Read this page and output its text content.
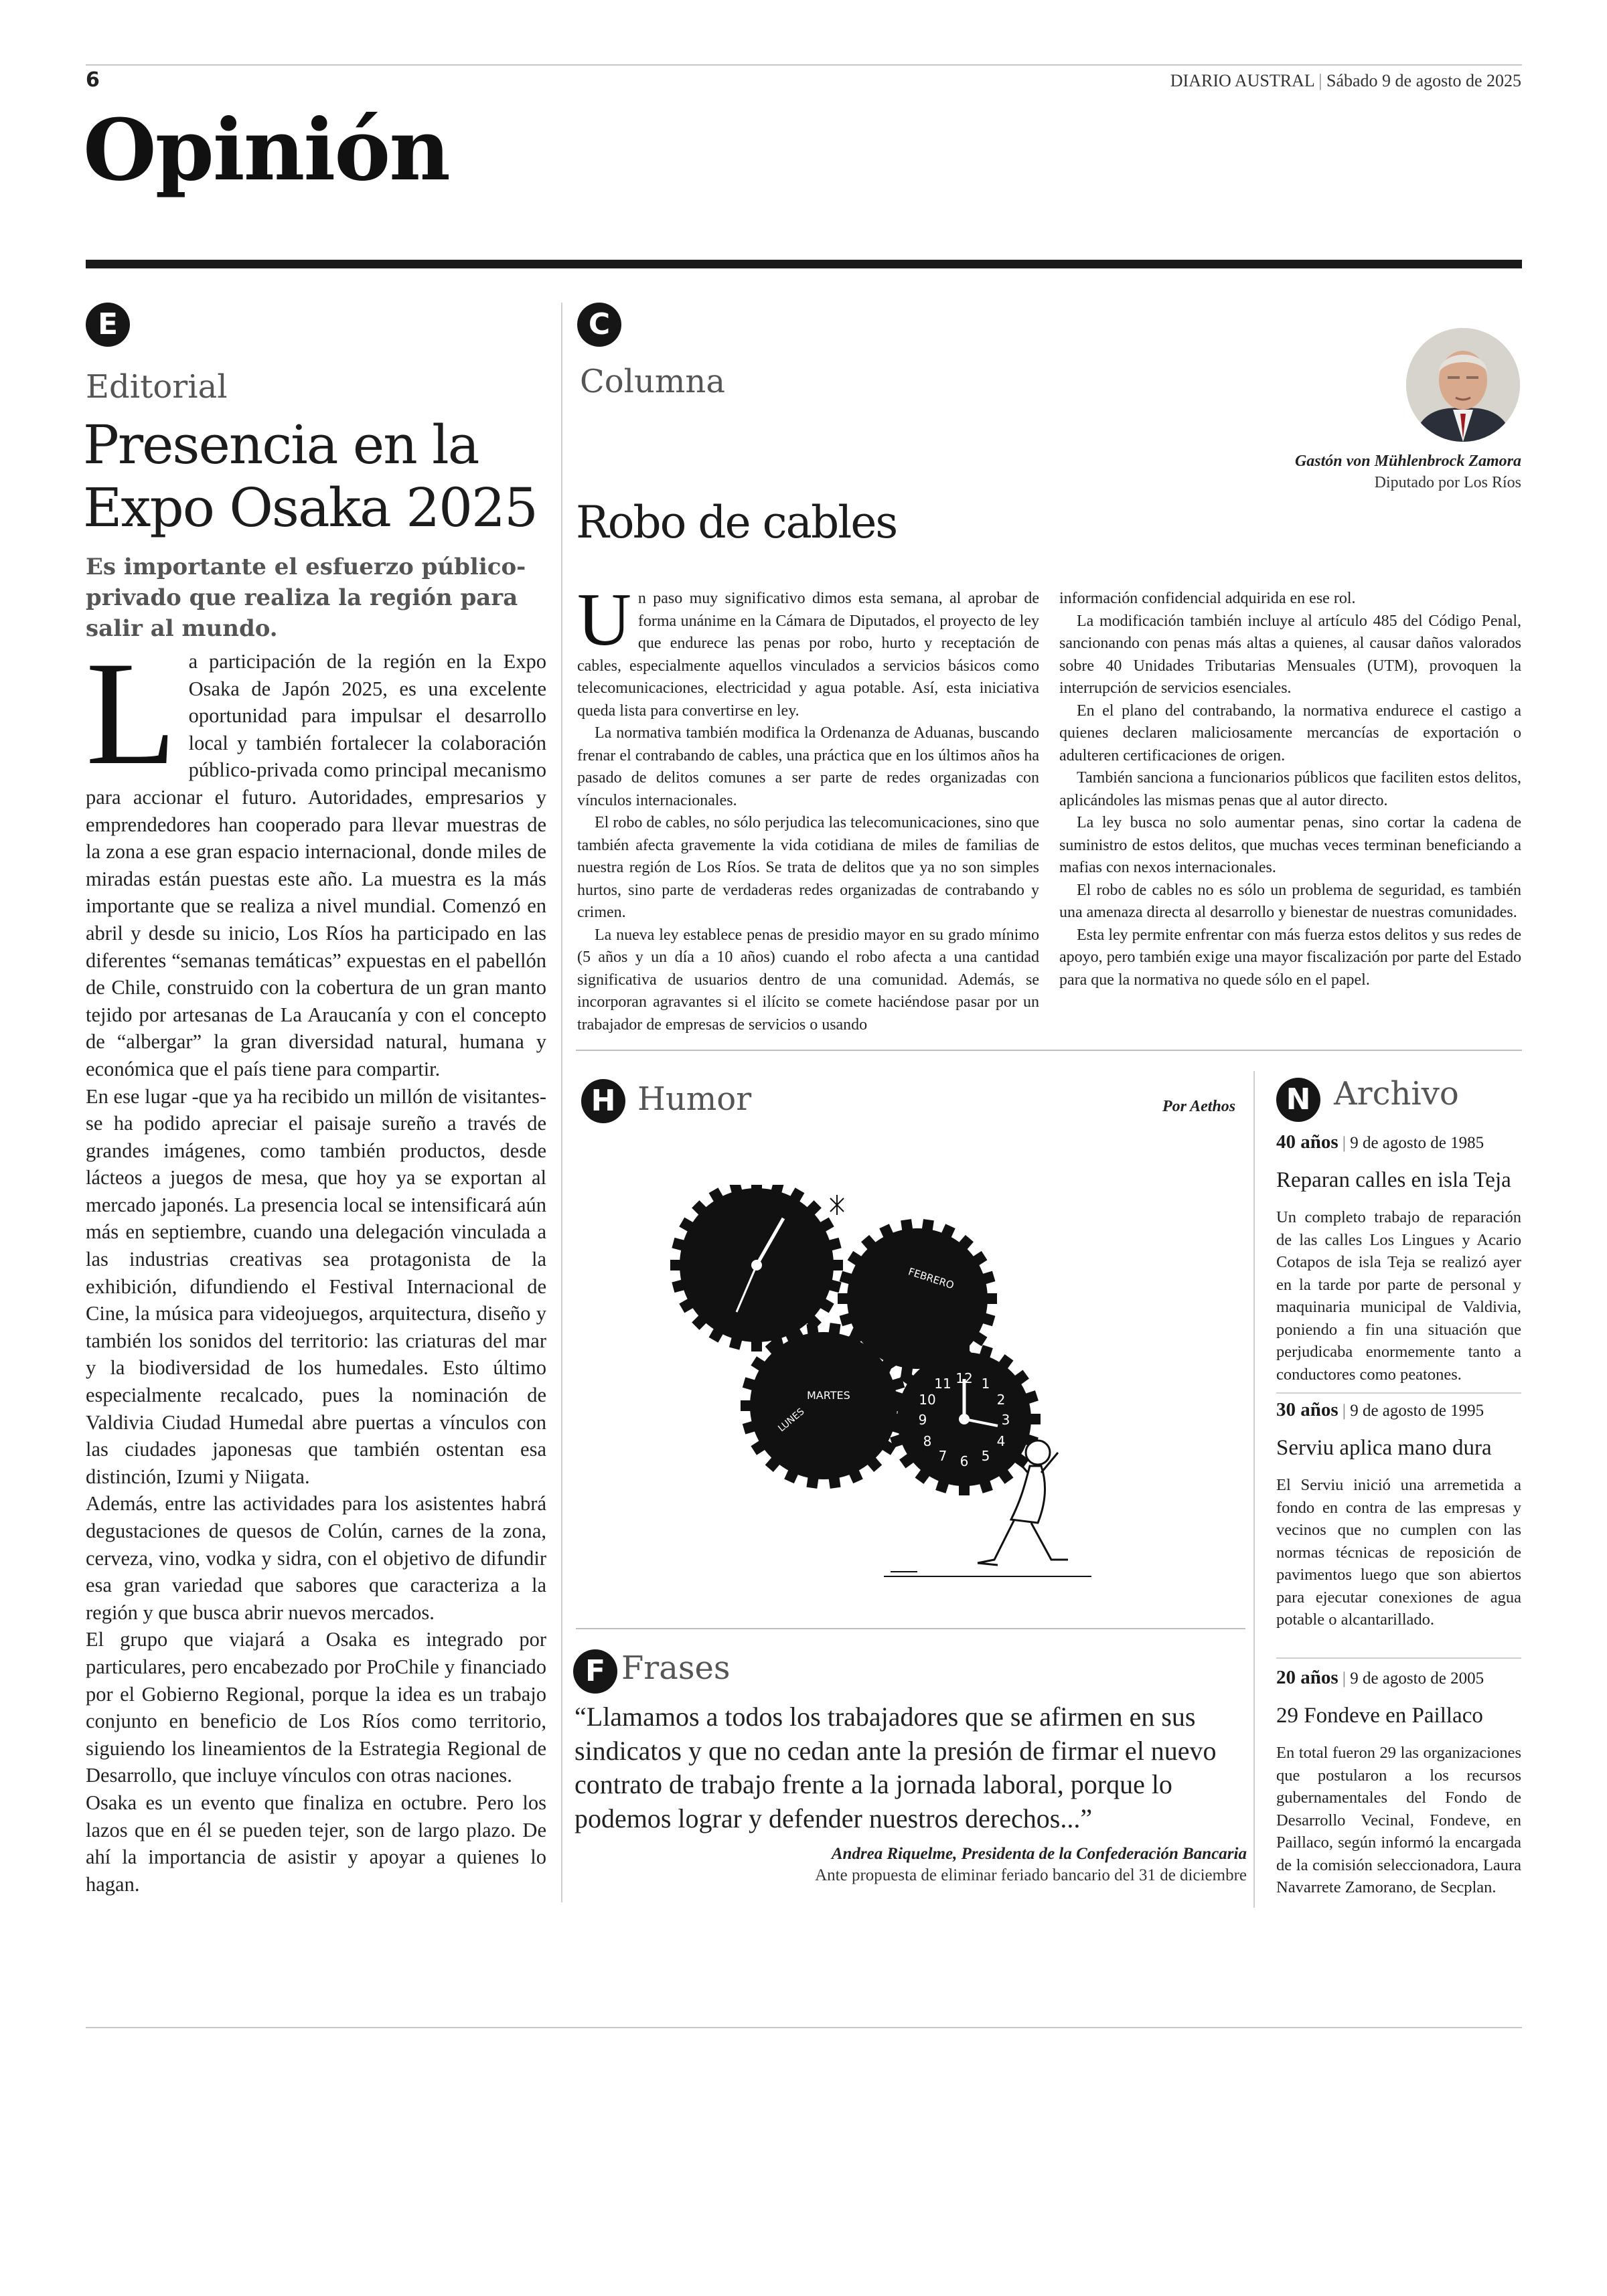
6	DIARIO AUSTRAL | Sábado 9 de agosto de 2025
Opinión
E
Editorial
Presencia en la
Expo Osaka 2025
Es importante el esfuerzo público-privado que realiza la región para salir al mundo.

La participación de la región en la Expo Osaka de Japón 2025, es una excelente oportunidad para impulsar el desarrollo local y también fortalecer la colaboración público-privada como principal mecanismo para accionar el futuro. Autoridades, empresarios y emprendedores han cooperado para llevar muestras de la zona a ese gran espacio internacional, donde miles de miradas están puestas este año. La muestra es la más importante que se realiza a nivel mundial. Comenzó en abril y desde su inicio, Los Ríos ha participado en las diferentes “semanas temáticas” expuestas en el pabellón de Chile, construido con la cobertura de un gran manto tejido por artesanas de La Araucanía y con el concepto de “albergar” la gran diversidad natural, humana y económica que el país tiene para compartir.

En ese lugar -que ya ha recibido un millón de visitantes- se ha podido apreciar el paisaje sureño a través de grandes imágenes, como también productos, desde lácteos a juegos de mesa, que hoy ya se exportan al mercado japonés. La presencia local se intensificará aún más en septiembre, cuando una delegación vinculada a las industrias creativas sea protagonista de la exhibición, difundiendo el Festival Internacional de Cine, la música para videojuegos, arquitectura, diseño y también los sonidos del territorio: las criaturas del mar y la biodiversidad de los humedales. Esto último especialmente recalcado, pues la nominación de Valdivia Ciudad Humedal abre puertas a vínculos con las ciudades japonesas que también ostentan esa distinción, Izumi y Niigata.

Además, entre las actividades para los asistentes habrá degustaciones de quesos de Colún, carnes de la zona, cerveza, vino, vodka y sidra, con el objetivo de difundir esa gran variedad que sabores que caracteriza a la región y que busca abrir nuevos mercados.

El grupo que viajará a Osaka es integrado por particulares, pero encabezado por ProChile y financiado por el Gobierno Regional, porque la idea es un trabajo conjunto en beneficio de Los Ríos como territorio, siguiendo los lineamientos de la Estrategia Regional de Desarrollo, que incluye vínculos con otras naciones.

Osaka es un evento que finaliza en octubre. Pero los lazos que en él se pueden tejer, son de largo plazo. De ahí la importancia de asistir y apoyar a quienes lo hagan.

C
Columna
Gastón von Mühlenbrock Zamora
Diputado por Los Ríos
Robo de cables

Un paso muy significativo dimos esta semana, al aprobar de forma unánime en la Cámara de Diputados, el proyecto de ley que endurece las penas por robo, hurto y receptación de cables, especialmente aquellos vinculados a servicios básicos como telecomunicaciones, electricidad y agua potable. Así, esta iniciativa queda lista para convertirse en ley.

La normativa también modifica la Ordenanza de Aduanas, buscando frenar el contrabando de cables, una práctica que en los últimos años ha pasado de delitos comunes a ser parte de redes organizadas con vínculos internacionales.

El robo de cables, no sólo perjudica las telecomunicaciones, sino que también afecta gravemente la vida cotidiana de miles de familias de nuestra región de Los Ríos. Se trata de delitos que ya no son simples hurtos, sino parte de verdaderas redes organizadas de contrabando y crimen.

La nueva ley establece penas de presidio mayor en su grado mínimo (5 años y un día a 10 años) cuando el robo afecta a una cantidad significativa de usuarios dentro de una comunidad. Además, se incorporan agravantes si el ilícito se comete haciéndose pasar por un trabajador de empresas de servicios o usando

información confidencial adquirida en ese rol.

La modificación también incluye al artículo 485 del Código Penal, sancionando con penas más altas a quienes, al causar daños valorados sobre 40 Unidades Tributarias Mensuales (UTM), provoquen la interrupción de servicios esenciales.

En el plano del contrabando, la normativa endurece el castigo a quienes declaren maliciosamente mercancías de exportación o adulteren certificaciones de origen.

También sanciona a funcionarios públicos que faciliten estos delitos, aplicándoles las mismas penas que al autor directo.

La ley busca no solo aumentar penas, sino cortar la cadena de suministro de estos delitos, que muchas veces terminan beneficiando a mafias con nexos internacionales.

El robo de cables no es sólo un problema de seguridad, es también una amenaza directa al desarrollo y bienestar de nuestras comunidades.

Esta ley permite enfrentar con más fuerza estos delitos y sus redes de apoyo, pero también exige una mayor fiscalización por parte del Estado para que la normativa no quede sólo en el papel.

H Humor	Por Aethos
FEBRERO
MARTES
LUNES
12 1
2
3
4
5
6
7
8
9
10
11
F Frases
“Llamamos a todos los trabajadores que se afirmen en sus sindicatos y que no cedan ante la presión de firmar el nuevo contrato de trabajo frente a la jornada laboral, porque lo podemos lograr y defender nuestros derechos...”
Andrea Riquelme, Presidenta de la Confederación Bancaria
Ante propuesta de eliminar feriado bancario del 31 de diciembre
N Archivo
40 años | 9 de agosto de 1985
Reparan calles en isla Teja

Un completo trabajo de reparación de las calles Los Lingues y Acario Cotapos de isla Teja se realizó ayer en la tarde por parte de personal y maquinaria municipal de Valdivia, poniendo a fin una situación que perjudicaba enormemente tanto a conductores como peatones.

30 años | 9 de agosto de 1995
Serviu aplica mano dura

El Serviu inició una arremetida a fondo en contra de las empresas y vecinos que no cumplen con las normas técnicas de reposición de pavimentos luego que son abiertos para ejecutar conexiones de agua potable o alcantarillado.

20 años | 9 de agosto de 2005
29 Fondeve en Paillaco

En total fueron 29 las organizaciones que postularon a los recursos gubernamentales del Fondo de Desarrollo Vecinal, Fondeve, en Paillaco, según informó la encargada de la comisión seleccionadora, Laura Navarrete Zamorano, de Secplan.
